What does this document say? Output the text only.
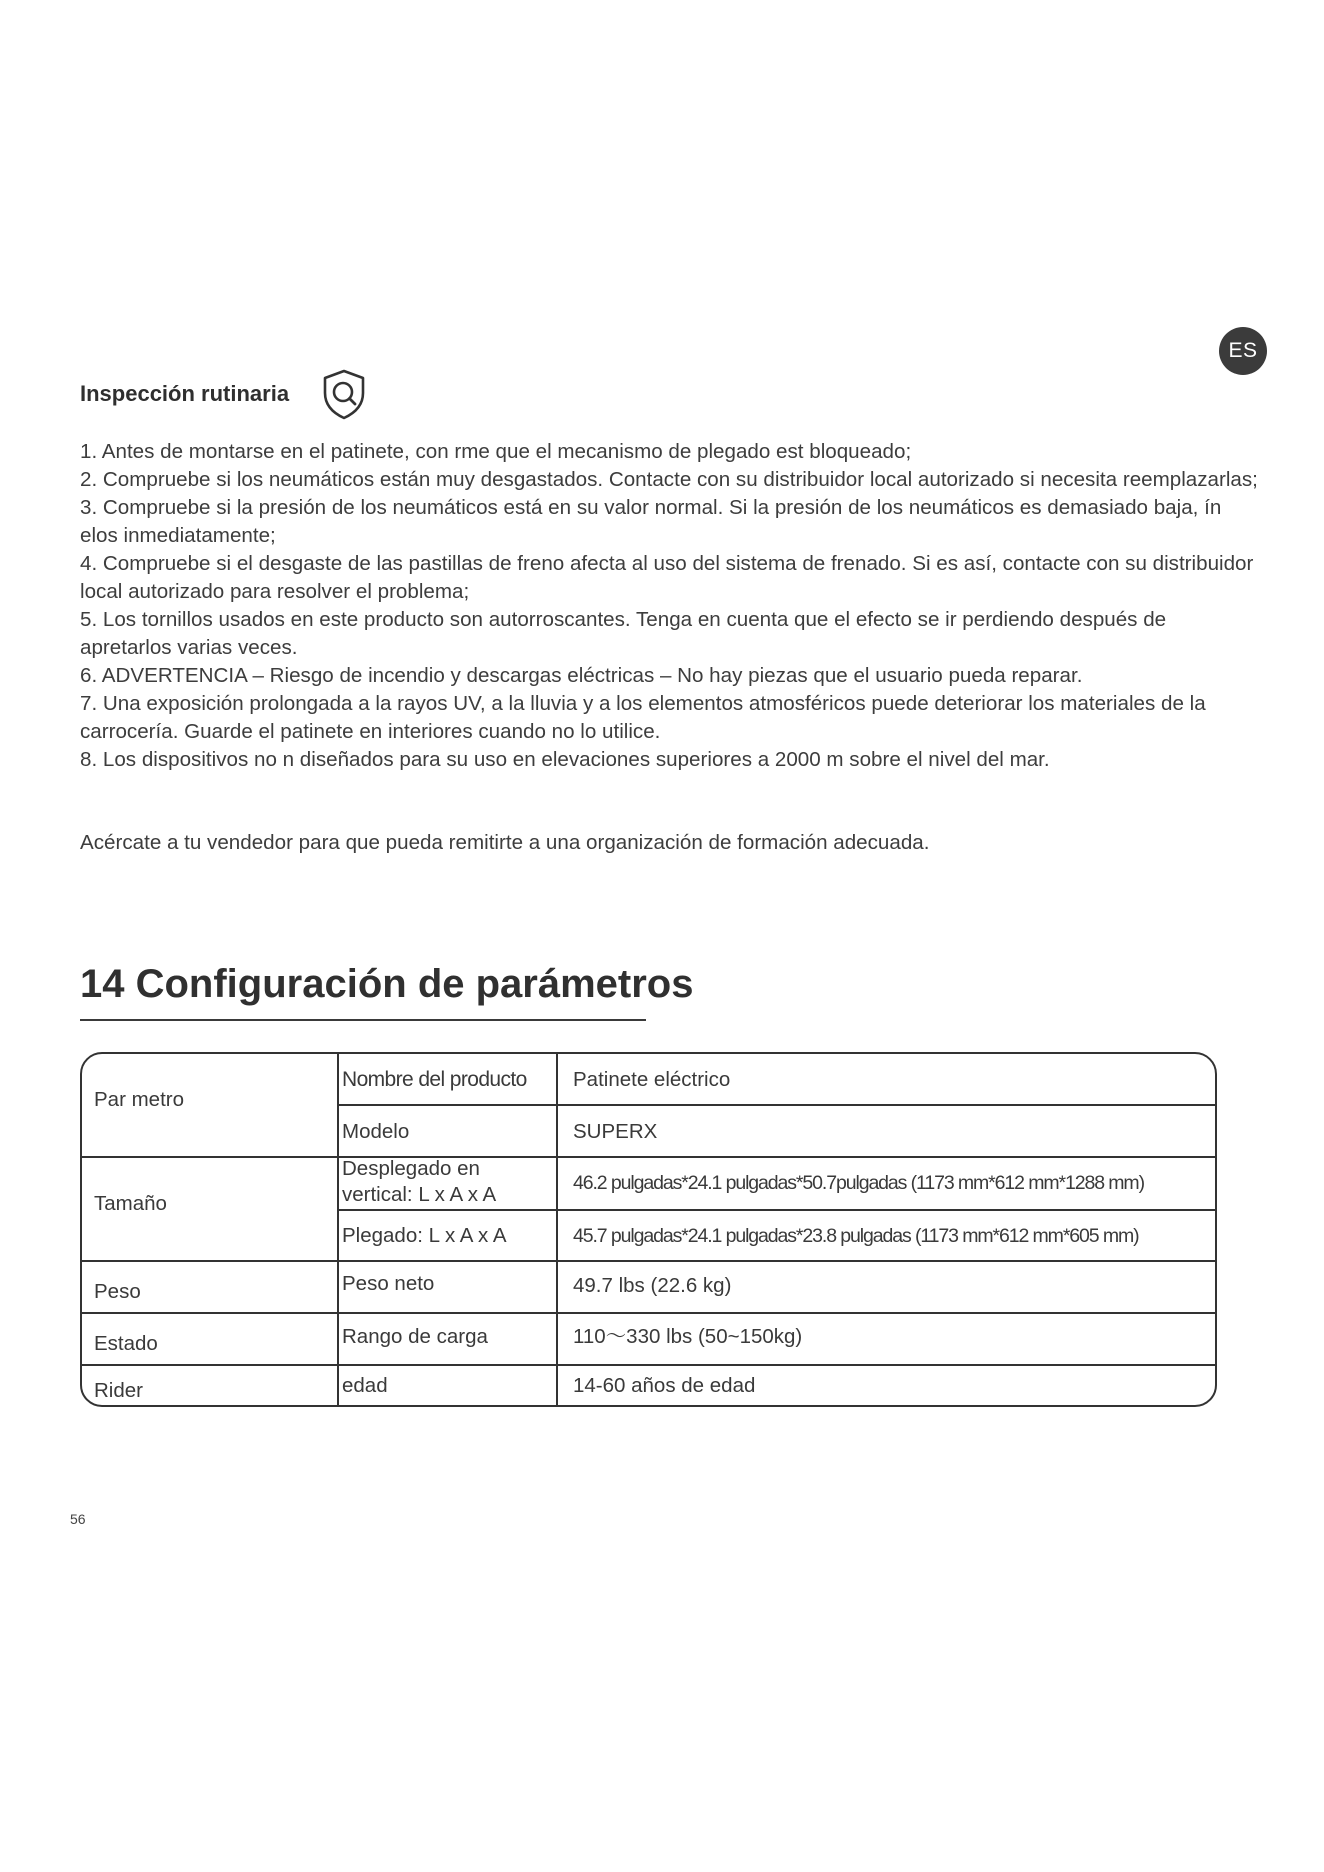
ES
Inspección rutinaria

1. Antes de montarse en el patinete, con rme que el mecanismo de plegado est bloqueado;

2. Compruebe si los neumáticos están muy desgastados. Contacte con su distribuidor local autorizado si necesita reemplazarlas;

3. Compruebe si la presión de los neumáticos está en su valor normal. Si la presión de los neumáticos es demasiado baja, ín elos inmediatamente;

4. Compruebe si el desgaste de las pastillas de freno afecta al uso del sistema de frenado. Si es así, contacte con su distribuidor local autorizado para resolver el problema;

5. Los tornillos usados en este producto son autorroscantes. Tenga en cuenta que el efecto se ir perdiendo después de apretarlos varias veces.

6. ADVERTENCIA – Riesgo de incendio y descargas eléctricas – No hay piezas que el usuario pueda reparar.

7. Una exposición prolongada a la rayos UV, a la lluvia y a los elementos atmosféricos puede deteriorar los materiales de la carrocería. Guarde el patinete en interiores cuando no lo utilice.

8. Los dispositivos no n diseñados para su uso en elevaciones superiores a 2000 m sobre el nivel del mar.

Acércate a tu vendedor para que pueda remitirte a una organización de formación adecuada.
14 Configuración de parámetros
Par metro
Tamaño
Peso
Estado
Rider
Nombre del producto
Modelo
Desplegado en vertical: L x A x A
Plegado: L x A x A
Peso neto
Rango de carga
edad
Patinete eléctrico
SUPERX
46.2 pulgadas*24.1 pulgadas*50.7pulgadas (1173 mm*612 mm*1288 mm)
45.7 pulgadas*24.1 pulgadas*23.8 pulgadas (1173 mm*612 mm*605 mm)
49.7 lbs (22.6 kg)
110～330 lbs (50~150kg)
14-60 años de edad
56
